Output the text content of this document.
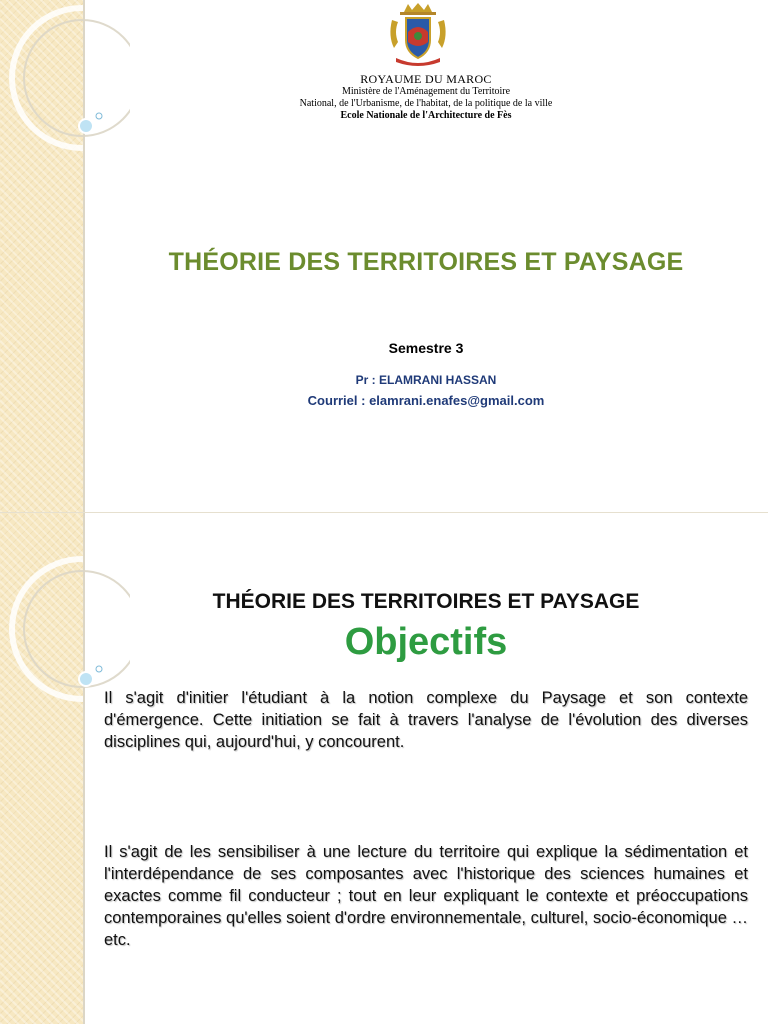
ROYAUME DU MAROC
Ministère de l'Aménagement du Territoire
National, de l'Urbanisme, de l'habitat, de la politique de la ville
Ecole Nationale de l'Architecture de Fès
THÉORIE DES TERRITOIRES ET PAYSAGE
Semestre 3
Pr : ELAMRANI HASSAN
Courriel : elamrani.enafes@gmail.com
THÉORIE DES TERRITOIRES ET PAYSAGE
Objectifs

Il s'agit d'initier l'étudiant à la notion complexe du Paysage et son contexte d'émergence. Cette initiation se fait à travers l'analyse de l'évolution des diverses disciplines qui, aujourd'hui, y concourent.

Il s'agit de les sensibiliser à une lecture du territoire qui explique la sédimentation et l'interdépendance de ses composantes avec l'historique des sciences humaines et exactes comme fil conducteur ; tout en leur expliquant le contexte et préoccupations contemporaines qu'elles soient d'ordre environnementale, culturel, socio-économique …etc.
